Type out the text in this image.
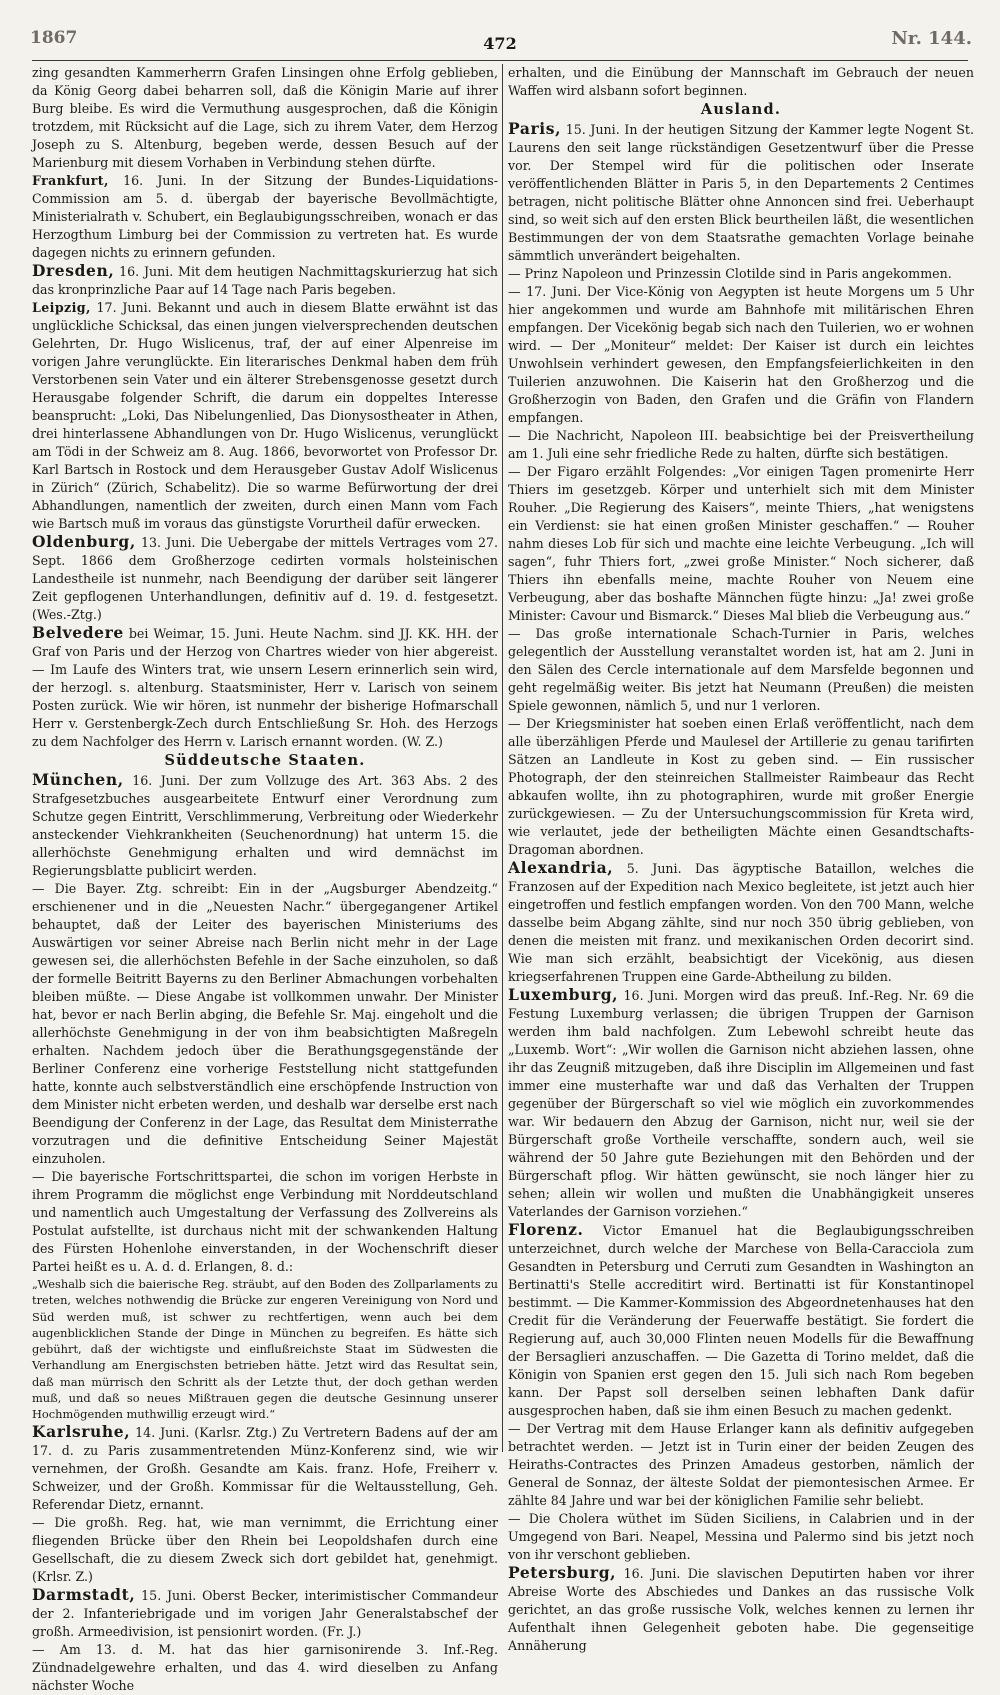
1867	472	Nr. 144.

zing gesandten Kammerherrn Grafen Linsingen ohne Erfolg geblieben, da König Georg dabei beharren soll, daß die Königin Marie auf ihrer Burg bleibe. Es wird die Vermuthung ausgesprochen, daß die Königin trotzdem, mit Rücksicht auf die Lage, sich zu ihrem Vater, dem Herzog Joseph zu S. Altenburg, begeben werde, dessen Besuch auf der Marienburg mit diesem Vorhaben in Verbindung stehen dürfte.

Frankfurt, 16. Juni. In der Sitzung der Bundes-Liquidations-Commission am 5. d. übergab der bayerische Bevollmächtigte, Ministerialrath v. Schubert, ein Beglaubigungsschreiben, wonach er das Herzogthum Limburg bei der Commission zu vertreten hat. Es wurde dagegen nichts zu erinnern gefunden.

Dresden, 16. Juni. Mit dem heutigen Nachmittagskurierzug hat sich das kronprinzliche Paar auf 14 Tage nach Paris begeben.

Leipzig, 17. Juni. Bekannt und auch in diesem Blatte erwähnt ist das unglückliche Schicksal, das einen jungen vielversprechenden deutschen Gelehrten, Dr. Hugo Wislicenus, traf, der auf einer Alpenreise im vorigen Jahre verunglückte. Ein literarisches Denkmal haben dem früh Verstorbenen sein Vater und ein älterer Strebensgenosse gesetzt durch Herausgabe folgender Schrift, die darum ein doppeltes Interesse beansprucht: „Loki, Das Nibelungenlied, Das Dionysostheater in Athen, drei hinterlassene Abhandlungen von Dr. Hugo Wislicenus, verunglückt am Tödi in der Schweiz am 8. Aug. 1866, bevorwortet von Professor Dr. Karl Bartsch in Rostock und dem Herausgeber Gustav Adolf Wislicenus in Zürich“ (Zürich, Schabelitz). Die so warme Befürwortung der drei Abhandlungen, namentlich der zweiten, durch einen Mann vom Fach wie Bartsch muß im voraus das günstigste Vorurtheil dafür erwecken.

Oldenburg, 13. Juni. Die Uebergabe der mittels Vertrages vom 27. Sept. 1866 dem Großherzoge cedirten vormals holsteinischen Landestheile ist nunmehr, nach Beendigung der darüber seit längerer Zeit gepflogenen Unterhandlungen, definitiv auf d. 19. d. festgesetzt. (Wes.-Ztg.)

Belvedere bei Weimar, 15. Juni. Heute Nachm. sind JJ. KK. HH. der Graf von Paris und der Herzog von Chartres wieder von hier abgereist. — Im Laufe des Winters trat, wie unsern Lesern erinnerlich sein wird, der herzogl. s. altenburg. Staatsminister, Herr v. Larisch von seinem Posten zurück. Wie wir hören, ist nunmehr der bisherige Hofmarschall Herr v. Gerstenbergk-Zech durch Entschließung Sr. Hoh. des Herzogs zu dem Nachfolger des Herrn v. Larisch ernannt worden. (W. Z.)

Süddeutsche Staaten.

München, 16. Juni. Der zum Vollzuge des Art. 363 Abs. 2 des Strafgesetzbuches ausgearbeitete Entwurf einer Verordnung zum Schutze gegen Eintritt, Verschlimmerung, Verbreitung oder Wiederkehr ansteckender Viehkrankheiten (Seuchenordnung) hat unterm 15. die allerhöchste Genehmigung erhalten und wird demnächst im Regierungsblatte publicirt werden.

— Die Bayer. Ztg. schreibt: Ein in der „Augsburger Abendzeitg.“ erschienener und in die „Neuesten Nachr.“ übergegangener Artikel behauptet, daß der Leiter des bayerischen Ministeriums des Auswärtigen vor seiner Abreise nach Berlin nicht mehr in der Lage gewesen sei, die allerhöchsten Befehle in der Sache einzuholen, so daß der formelle Beitritt Bayerns zu den Berliner Abmachungen vorbehalten bleiben müßte. — Diese Angabe ist vollkommen unwahr. Der Minister hat, bevor er nach Berlin abging, die Befehle Sr. Maj. eingeholt und die allerhöchste Genehmigung in der von ihm beabsichtigten Maßregeln erhalten. Nachdem jedoch über die Berathungsgegenstände der Berliner Conferenz eine vorherige Feststellung nicht stattgefunden hatte, konnte auch selbstverständlich eine erschöpfende Instruction von dem Minister nicht erbeten werden, und deshalb war derselbe erst nach Beendigung der Conferenz in der Lage, das Resultat dem Ministerrathe vorzutragen und die definitive Entscheidung Seiner Majestät einzuholen.

— Die bayerische Fortschrittspartei, die schon im vorigen Herbste in ihrem Programm die möglichst enge Verbindung mit Norddeutschland und namentlich auch Umgestaltung der Verfassung des Zollvereins als Postulat aufstellte, ist durchaus nicht mit der schwankenden Haltung des Fürsten Hohenlohe einverstanden, in der Wochenschrift dieser Partei heißt es u. A. d. d. Erlangen, 8. d.:

„Weshalb sich die baierische Reg. sträubt, auf den Boden des Zollparlaments zu treten, welches nothwendig die Brücke zur engeren Vereinigung von Nord und Süd werden muß, ist schwer zu rechtfertigen, wenn auch bei dem augenblicklichen Stande der Dinge in München zu begreifen. Es hätte sich gebührt, daß der wichtigste und einflußreichste Staat im Südwesten die Verhandlung am Energischsten betrieben hätte. Jetzt wird das Resultat sein, daß man mürrisch den Schritt als der Letzte thut, der doch gethan werden muß, und daß so neues Mißtrauen gegen die deutsche Gesinnung unserer Hochmögenden muthwillig erzeugt wird.“

Karlsruhe, 14. Juni. (Karlsr. Ztg.) Zu Vertretern Badens auf der am 17. d. zu Paris zusammentretenden Münz-Konferenz sind, wie wir vernehmen, der Großh. Gesandte am Kais. franz. Hofe, Freiherr v. Schweizer, und der Großh. Kommissar für die Weltausstellung, Geh. Referendar Dietz, ernannt.

— Die großh. Reg. hat, wie man vernimmt, die Errichtung einer fliegenden Brücke über den Rhein bei Leopoldshafen durch eine Gesellschaft, die zu diesem Zweck sich dort gebildet hat, genehmigt. (Krlsr. Z.)

Darmstadt, 15. Juni. Oberst Becker, interimistischer Commandeur der 2. Infanteriebrigade und im vorigen Jahr Generalstabschef der großh. Armeedivision, ist pensionirt worden. (Fr. J.)

— Am 13. d. M. hat das hier garnisonirende 3. Inf.-Reg. Zündnadelgewehre erhalten, und das 4. wird dieselben zu Anfang nächster Woche

erhalten, und die Einübung der Mannschaft im Gebrauch der neuen Waffen wird alsbann sofort beginnen.

Ausland.

Paris, 15. Juni. In der heutigen Sitzung der Kammer legte Nogent St. Laurens den seit lange rückständigen Gesetzentwurf über die Presse vor. Der Stempel wird für die politischen oder Inserate veröffentlichenden Blätter in Paris 5, in den Departements 2 Centimes betragen, nicht politische Blätter ohne Annoncen sind frei. Ueberhaupt sind, so weit sich auf den ersten Blick beurtheilen läßt, die wesentlichen Bestimmungen der von dem Staatsrathe gemachten Vorlage beinahe sämmtlich unverändert beigehalten.

— Prinz Napoleon und Prinzessin Clotilde sind in Paris angekommen.

— 17. Juni. Der Vice-König von Aegypten ist heute Morgens um 5 Uhr hier angekommen und wurde am Bahnhofe mit militärischen Ehren empfangen. Der Vicekönig begab sich nach den Tuilerien, wo er wohnen wird. — Der „Moniteur“ meldet: Der Kaiser ist durch ein leichtes Unwohlsein verhindert gewesen, den Empfangsfeierlichkeiten in den Tuilerien anzuwohnen. Die Kaiserin hat den Großherzog und die Großherzogin von Baden, den Grafen und die Gräfin von Flandern empfangen.

— Die Nachricht, Napoleon III. beabsichtige bei der Preisvertheilung am 1. Juli eine sehr friedliche Rede zu halten, dürfte sich bestätigen.

— Der Figaro erzählt Folgendes: „Vor einigen Tagen promenirte Herr Thiers im gesetzgeb. Körper und unterhielt sich mit dem Minister Rouher. „Die Regierung des Kaisers“, meinte Thiers, „hat wenigstens ein Verdienst: sie hat einen großen Minister geschaffen.“ — Rouher nahm dieses Lob für sich und machte eine leichte Verbeugung. „Ich will sagen“, fuhr Thiers fort, „zwei große Minister.“ Noch sicherer, daß Thiers ihn ebenfalls meine, machte Rouher von Neuem eine Verbeugung, aber das boshafte Männchen fügte hinzu: „Ja! zwei große Minister: Cavour und Bismarck.“ Dieses Mal blieb die Verbeugung aus.“

— Das große internationale Schach-Turnier in Paris, welches gelegentlich der Ausstellung veranstaltet worden ist, hat am 2. Juni in den Sälen des Cercle internationale auf dem Marsfelde begonnen und geht regelmäßig weiter. Bis jetzt hat Neumann (Preußen) die meisten Spiele gewonnen, nämlich 5, und nur 1 verloren.

— Der Kriegsminister hat soeben einen Erlaß veröffentlicht, nach dem alle überzähligen Pferde und Maulesel der Artillerie zu genau tarifirten Sätzen an Landleute in Kost zu geben sind. — Ein russischer Photograph, der den steinreichen Stallmeister Raimbeaur das Recht abkaufen wollte, ihn zu photographiren, wurde mit großer Energie zurückgewiesen. — Zu der Untersuchungscommission für Kreta wird, wie verlautet, jede der betheiligten Mächte einen Gesandtschafts-Dragoman abordnen.

Alexandria, 5. Juni. Das ägyptische Bataillon, welches die Franzosen auf der Expedition nach Mexico begleitete, ist jetzt auch hier eingetroffen und festlich empfangen worden. Von den 700 Mann, welche dasselbe beim Abgang zählte, sind nur noch 350 übrig geblieben, von denen die meisten mit franz. und mexikanischen Orden decorirt sind. Wie man sich erzählt, beabsichtigt der Vicekönig, aus diesen kriegserfahrenen Truppen eine Garde-Abtheilung zu bilden.

Luxemburg, 16. Juni. Morgen wird das preuß. Inf.-Reg. Nr. 69 die Festung Luxemburg verlassen; die übrigen Truppen der Garnison werden ihm bald nachfolgen. Zum Lebewohl schreibt heute das „Luxemb. Wort“: „Wir wollen die Garnison nicht abziehen lassen, ohne ihr das Zeugniß mitzugeben, daß ihre Disciplin im Allgemeinen und fast immer eine musterhafte war und daß das Verhalten der Truppen gegenüber der Bürgerschaft so viel wie möglich ein zuvorkommendes war. Wir bedauern den Abzug der Garnison, nicht nur, weil sie der Bürgerschaft große Vortheile verschaffte, sondern auch, weil sie während der 50 Jahre gute Beziehungen mit den Behörden und der Bürgerschaft pflog. Wir hätten gewünscht, sie noch länger hier zu sehen; allein wir wollen und mußten die Unabhängigkeit unseres Vaterlandes der Garnison vorziehen.“

Florenz. Victor Emanuel hat die Beglaubigungsschreiben unterzeichnet, durch welche der Marchese von Bella-Caracciola zum Gesandten in Petersburg und Cerruti zum Gesandten in Washington an Bertinatti's Stelle accreditirt wird. Bertinatti ist für Konstantinopel bestimmt. — Die Kammer-Kommission des Abgeordnetenhauses hat den Credit für die Veränderung der Feuerwaffe bestätigt. Sie fordert die Regierung auf, auch 30,000 Flinten neuen Modells für die Bewaffnung der Bersaglieri anzuschaffen. — Die Gazetta di Torino meldet, daß die Königin von Spanien erst gegen den 15. Juli sich nach Rom begeben kann. Der Papst soll derselben seinen lebhaften Dank dafür ausgesprochen haben, daß sie ihm einen Besuch zu machen gedenkt.

— Der Vertrag mit dem Hause Erlanger kann als definitiv aufgegeben betrachtet werden. — Jetzt ist in Turin einer der beiden Zeugen des Heiraths-Contractes des Prinzen Amadeus gestorben, nämlich der General de Sonnaz, der älteste Soldat der piemontesischen Armee. Er zählte 84 Jahre und war bei der königlichen Familie sehr beliebt.

— Die Cholera wüthet im Süden Siciliens, in Calabrien und in der Umgegend von Bari. Neapel, Messina und Palermo sind bis jetzt noch von ihr verschont geblieben.

Petersburg, 16. Juni. Die slavischen Deputirten haben vor ihrer Abreise Worte des Abschiedes und Dankes an das russische Volk gerichtet, an das große russische Volk, welches kennen zu lernen ihr Aufenthalt ihnen Gelegenheit geboten habe. Die gegenseitige Annäherung
